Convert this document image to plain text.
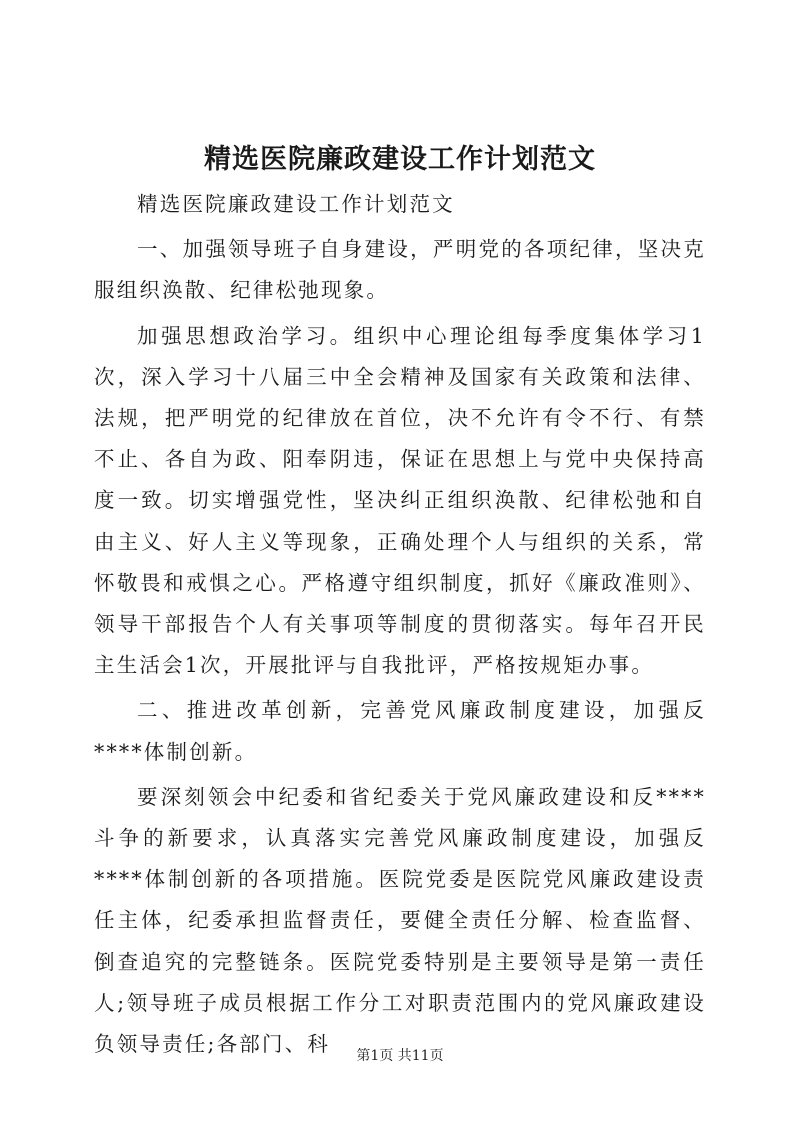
精选医院廉政建设工作计划范文

精选医院廉政建设工作计划范文

一、加强领导班子自身建设，严明党的各项纪律，坚决克服组织涣散、纪律松弛现象。

加强思想政治学习。组织中心理论组每季度集体学习1次，深入学习十八届三中全会精神及国家有关政策和法律、法规，把严明党的纪律放在首位，决不允许有令不行、有禁不止、各自为政、阳奉阴违，保证在思想上与党中央保持高度一致。切实增强党性，坚决纠正组织涣散、纪律松弛和自由主义、好人主义等现象，正确处理个人与组织的关系，常怀敬畏和戒惧之心。严格遵守组织制度，抓好《廉政准则》、领导干部报告个人有关事项等制度的贯彻落实。每年召开民主生活会1次，开展批评与自我批评，严格按规矩办事。

二、推进改革创新，完善党风廉政制度建设，加强反****体制创新。

要深刻领会中纪委和省纪委关于党风廉政建设和反****斗争的新要求，认真落实完善党风廉政制度建设，加强反****体制创新的各项措施。医院党委是医院党风廉政建设责任主体，纪委承担监督责任，要健全责任分解、检查监督、倒查追究的完整链条。医院党委特别是主要领导是第一责任人;领导班子成员根据工作分工对职责范围内的党风廉政建设负领导责任;各部门、科	第1页 共11页
